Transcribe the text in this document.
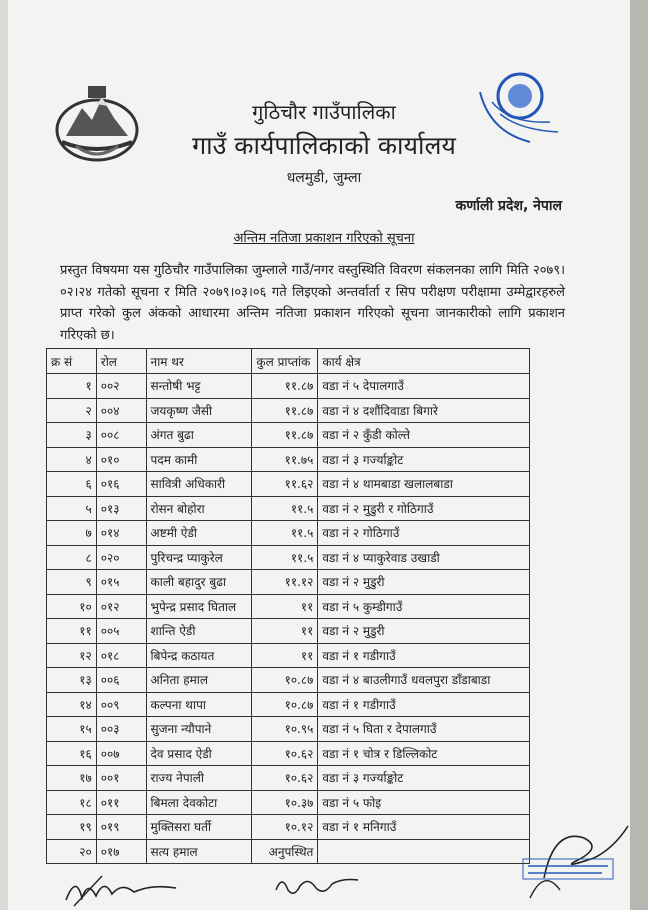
गुठिचौर गाउँपालिका
गाउँ कार्यपालिकाको कार्यालय
धलमुडी, जुम्ला
कर्णाली प्रदेश, नेपाल
अन्तिम नतिजा प्रकाशन गरिएको सूचना
प्रस्तुत विषयमा यस गुठिचौर गाउँपालिका जुम्लाले गाउँ/नगर वस्तुस्थिति विवरण संकलनका लागि मिति २०७९।०२।२४ गतेको सूचना र मिति २०७९।०३।०६ गते लिइएको अन्तर्वार्ता र सिप परीक्षण परीक्षामा उम्मेद्वारहरुले प्राप्त गरेको कुल अंकको आधारमा अन्तिम नतिजा प्रकाशन गरिएको सूचना जानकारीको लागि प्रकाशन गरिएको छ।
क्र सं	रोल	नाम थर	कुल प्राप्तांक	कार्य क्षेत्र
१	००२	सन्तोषी भट्ट	११.८७	वडा नं ५ देपालगाउँ
२	००४	जयकृष्ण जैसी	११.८७	वडा नं ४ दशौंदिवाडा बिगारे
३	००८	अंगत बुढा	११.८७	वडा नं २ कुँडी कोल्ते
४	०१०	पदम कामी	११.७५	वडा नं ३ गर्ज्याङ्कोट
६	०१६	सावित्री अधिकारी	११.६२	वडा नं ४ थामबाडा खलालबाडा
५	०१३	रोसन बोहोरा	११.५	वडा नं २ मुडुरी र गोठिगाउँ
७	०१४	अष्टमी ऐडी	११.५	वडा नं २ गोठिगाउँ
८	०२०	पुरिचन्द्र प्याकुरेल	११.५	वडा नं ४ प्याकुरेवाड उखाडी
९	०१५	काली बहादुर बुढा	११.१२	वडा नं २ मुडुरी
१०	०१२	भुपेन्द्र प्रसाद घिताल	११	वडा नं ५ कुम्डीगाउँ
११	००५	शान्ति ऐडी	११	वडा नं २ मुडुरी
१२	०१८	बिपेन्द्र कठायत	११	वडा नं १ गडीगाउँ
१३	००६	अनिता हमाल	१०.८७	वडा नं ४ बाउलीगाउँ धवलपुरा डाँडाबाडा
१४	००९	कल्पना थापा	१०.८७	वडा नं १ गडीगाउँ
१५	००३	सुजना न्यौपाने	१०.९५	वडा नं ५ घिता र देपालगाउँ
१६	००७	देव प्रसाद ऐडी	१०.६२	वडा नं १ चोत्र र डिल्लिकोट
१७	००१	राज्य नेपाली	१०.६२	वडा नं ३ गर्ज्याङ्कोट
१८	०११	बिमला देवकोटा	१०.३७	वडा नं ५ फोइ
१९	०१९	मुक्तिसरा घर्ती	१०.१२	वडा नं १ मनिगाउँ
२०	०१७	सत्य हमाल	अनुपस्थित	
